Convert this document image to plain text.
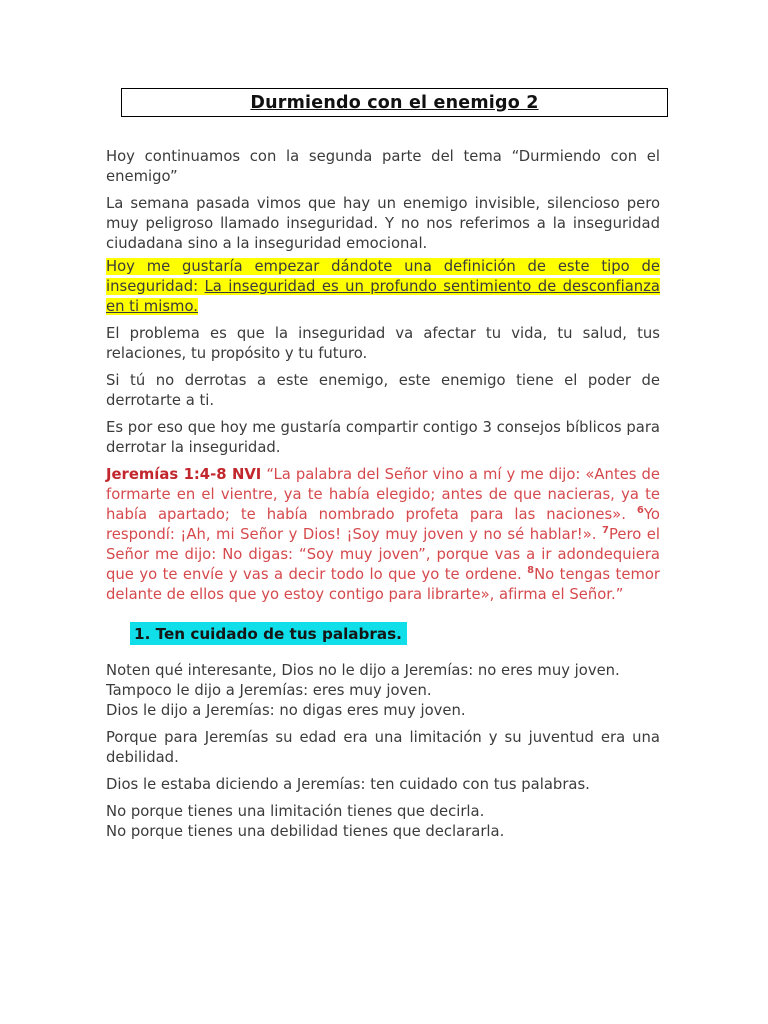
Durmiendo con el enemigo 2

Hoy continuamos con la segunda parte del tema “Durmiendo con el enemigo”

La semana pasada vimos que hay un enemigo invisible, silencioso pero muy peligroso llamado inseguridad. Y no nos referimos a la inseguridad ciudadana sino a la inseguridad emocional.

Hoy me gustaría empezar dándote una definición de este tipo de inseguridad: La inseguridad es un profundo sentimiento de desconfianza en ti mismo.

El problema es que la inseguridad va afectar tu vida, tu salud, tus relaciones, tu propósito y tu futuro.

Si tú no derrotas a este enemigo, este enemigo tiene el poder de derrotarte a ti.

Es por eso que hoy me gustaría compartir contigo 3 consejos bíblicos para derrotar la inseguridad.

Jeremías 1:4-8 NVI “La palabra del Señor vino a mí y me dijo: «Antes de formarte en el vientre, ya te había elegido; antes de que nacieras, ya te había apartado; te había nombrado profeta para las naciones». $^6$Yo respondí: ¡Ah, mi Señor y Dios! ¡Soy muy joven y no sé hablar!». $^7$Pero el Señor me dijo: No digas: “Soy muy joven”, porque vas a ir adondequiera que yo te envíe y vas a decir todo lo que yo te ordene. $^8$No tengas temor delante de ellos que yo estoy contigo para librarte», afirma el Señor.”

1. Ten cuidado de tus palabras.

Noten qué interesante, Dios no le dijo a Jeremías: no eres muy joven.
Tampoco le dijo a Jeremías: eres muy joven.
Dios le dijo a Jeremías: no digas eres muy joven.

Porque para Jeremías su edad era una limitación y su juventud era una debilidad.

Dios le estaba diciendo a Jeremías: ten cuidado con tus palabras.

No porque tienes una limitación tienes que decirla.
No porque tienes una debilidad tienes que declararla.
